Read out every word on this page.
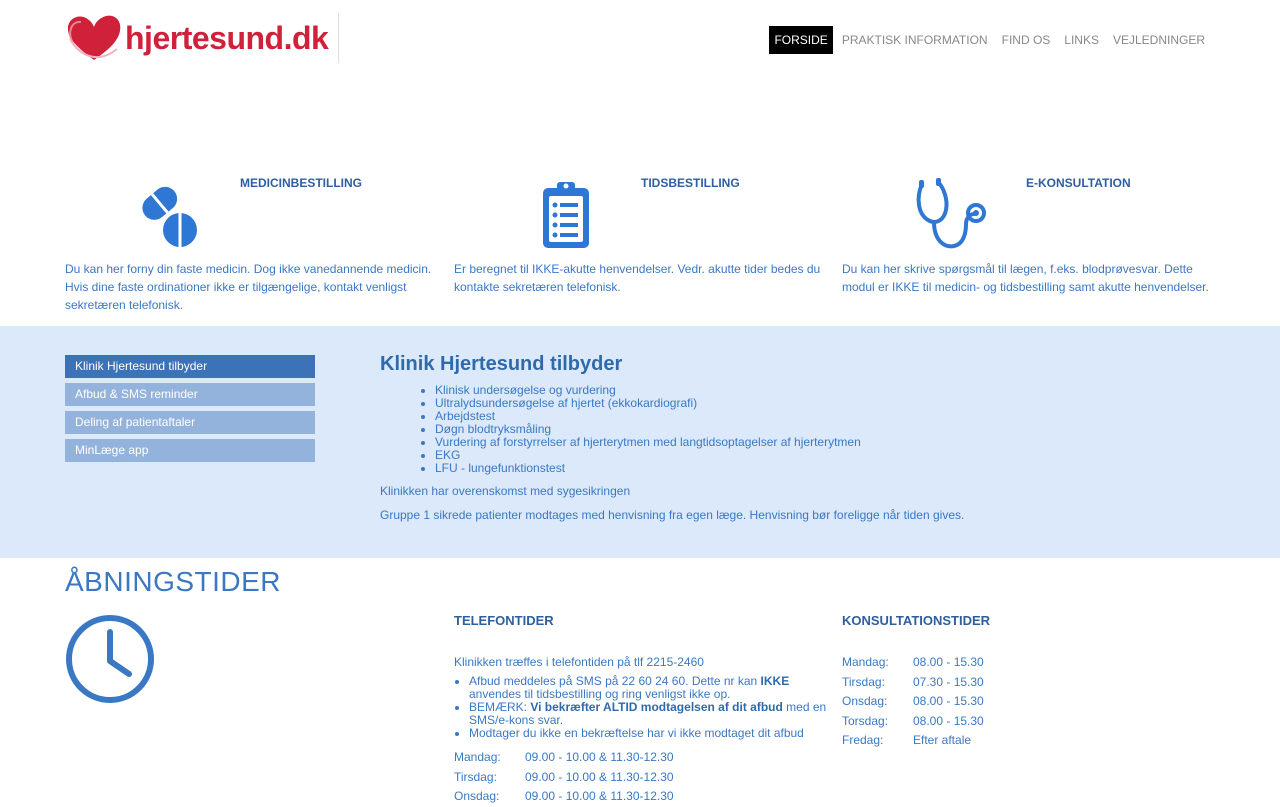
hjertesund.dk	FORSIDE	PRAKTISK INFORMATION	FIND OS	LINKS	VEJLEDNINGER
MEDICINBESTILLING
Du kan her forny din faste medicin. Dog ikke vanedannende medicin. Hvis dine faste ordinationer ikke er tilgængelige, kontakt venligst sekretæren telefonisk.
TIDSBESTILLING
Er beregnet til IKKE-akutte henvendelser. Vedr. akutte tider bedes du kontakte sekretæren telefonisk.
E-KONSULTATION
Du kan her skrive spørgsmål til lægen, f.eks. blodprøvesvar. Dette modul er IKKE til medicin- og tidsbestilling samt akutte henvendelser.
Klinik Hjertesund tilbyder
Afbud & SMS reminder
Deling af patientaftaler
MinLæge app
Klinik Hjertesund tilbyder
• Klinisk undersøgelse og vurdering
• Ultralydsundersøgelse af hjertet (ekkokardiografi)
• Arbejdstest
• Døgn blodtryksmåling
• Vurdering af forstyrrelser af hjerterytmen med langtidsoptagelser af hjerterytmen
• EKG
• LFU - lungefunktionstest

Klinikken har overenskomst med sygesikringen

Gruppe 1 sikrede patienter modtages med henvisning fra egen læge. Henvisning bør foreligge når tiden gives.

ÅBNINGSTIDER
TELEFONTIDER

Klinikken træffes i telefontiden på tlf 2215-2460

• Afbud meddeles på SMS på 22 60 24 60. Dette nr kan IKKE anvendes til tidsbestilling og ring venligst ikke op.
• BEMÆRK: Vi bekræfter ALTID modtagelsen af dit afbud med en SMS/e-kons svar.
• Modtager du ikke en bekræftelse har vi ikke modtaget dit afbud
Mandag:	09.00 - 10.00 & 11.30-12.30
Tirsdag:	09.00 - 10.00 & 11.30-12.30
Onsdag:	09.00 - 10.00 & 11.30-12.30
KONSULTATIONSTIDER
Mandag:	08.00 - 15.30
Tirsdag:	07.30 - 15.30
Onsdag:	08.00 - 15.30
Torsdag:	08.00 - 15.30
Fredag:	Efter aftale
